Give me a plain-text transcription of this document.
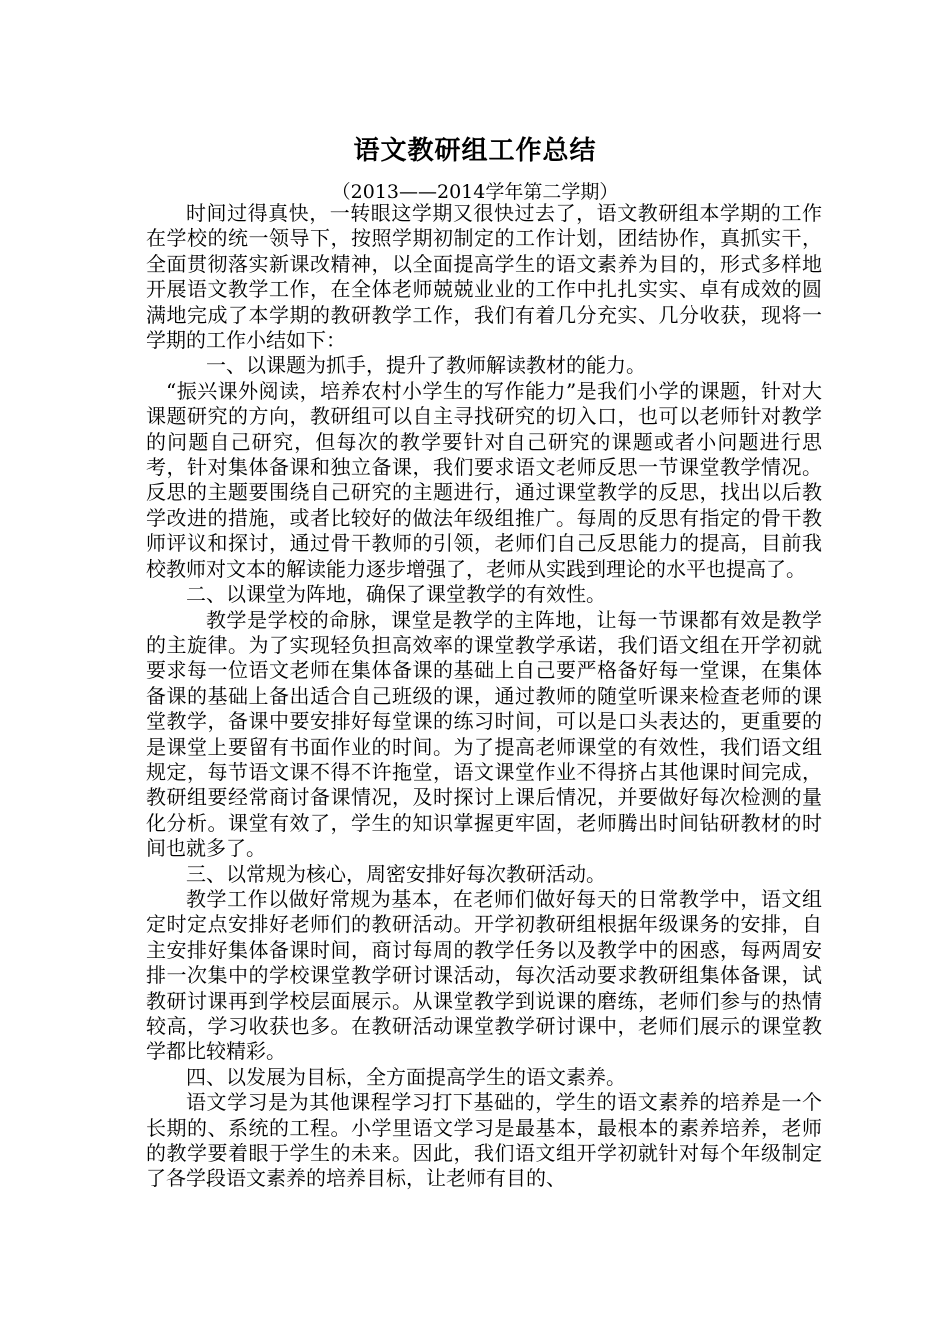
语文教研组工作总结
（2013——2014学年第二学期）

时间过得真快，一转眼这学期又很快过去了，语文教研组本学期的工作在学校的统一领导下，按照学期初制定的工作计划，团结协作，真抓实干，全面贯彻落实新课改精神，以全面提高学生的语文素养为目的，形式多样地开展语文教学工作，在全体老师兢兢业业的工作中扎扎实实、卓有成效的圆满地完成了本学期的教研教学工作，我们有着几分充实、几分收获，现将一学期的工作小结如下：

一、以课题为抓手，提升了教师解读教材的能力。

“振兴课外阅读，培养农村小学生的写作能力”是我们小学的课题，针对大课题研究的方向，教研组可以自主寻找研究的切入口，也可以老师针对教学的问题自己研究，但每次的教学要针对自己研究的课题或者小问题进行思考，针对集体备课和独立备课，我们要求语文老师反思一节课堂教学情况。反思的主题要围绕自己研究的主题进行，通过课堂教学的反思，找出以后教学改进的措施，或者比较好的做法年级组推广。每周的反思有指定的骨干教师评议和探讨，通过骨干教师的引领，老师们自己反思能力的提高，目前我校教师对文本的解读能力逐步增强了，老师从实践到理论的水平也提高了。

二、以课堂为阵地，确保了课堂教学的有效性。

教学是学校的命脉，课堂是教学的主阵地，让每一节课都有效是教学的主旋律。为了实现轻负担高效率的课堂教学承诺，我们语文组在开学初就要求每一位语文老师在集体备课的基础上自己要严格备好每一堂课，在集体备课的基础上备出适合自己班级的课，通过教师的随堂听课来检查老师的课堂教学，备课中要安排好每堂课的练习时间，可以是口头表达的，更重要的是课堂上要留有书面作业的时间。为了提高老师课堂的有效性，我们语文组规定，每节语文课不得不许拖堂，语文课堂作业不得挤占其他课时间完成，教研组要经常商讨备课情况，及时探讨上课后情况，并要做好每次检测的量化分析。课堂有效了，学生的知识掌握更牢固，老师腾出时间钻研教材的时间也就多了。

三、以常规为核心，周密安排好每次教研活动。

教学工作以做好常规为基本，在老师们做好每天的日常教学中，语文组定时定点安排好老师们的教研活动。开学初教研组根据年级课务的安排，自主安排好集体备课时间，商讨每周的教学任务以及教学中的困惑，每两周安排一次集中的学校课堂教学研讨课活动，每次活动要求教研组集体备课，试教研讨课再到学校层面展示。从课堂教学到说课的磨练，老师们参与的热情较高，学习收获也多。在教研活动课堂教学研讨课中，老师们展示的课堂教学都比较精彩。

四、以发展为目标，全方面提高学生的语文素养。

语文学习是为其他课程学习打下基础的，学生的语文素养的培养是一个长期的、系统的工程。小学里语文学习是最基本，最根本的素养培养，老师的教学要着眼于学生的未来。因此，我们语文组开学初就针对每个年级制定了各学段语文素养的培养目标，让老师有目的、
